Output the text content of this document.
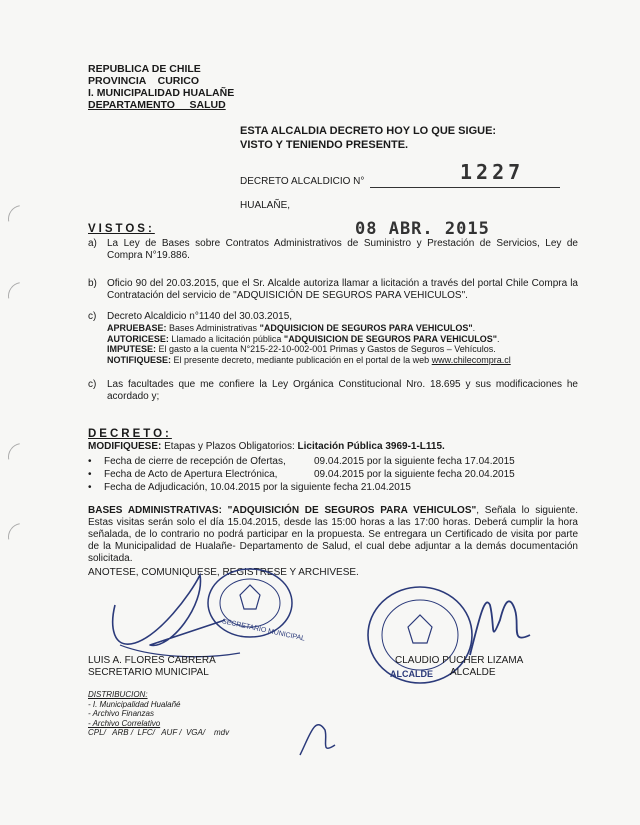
REPUBLICA DE CHILE
PROVINCIA    CURICO
I. MUNICIPALIDAD HUALAÑE
DEPARTAMENTO     SALUD
ESTA ALCALDIA DECRETO HOY LO QUE SIGUE:
VISTO Y TENIENDO PRESENTE.
DECRETO ALCALDICIO N°	1227
HUALAÑE,
08 ABR. 2015
VISTOS:
a) La Ley de Bases sobre Contratos Administrativos de Suministro y Prestación de Servicios, Ley de Compra N°19.886.
b) Oficio 90 del 20.03.2015, que el Sr. Alcalde autoriza llamar a licitación a través del portal Chile Compra la Contratación del servicio de "ADQUISICIÓN DE SEGUROS PARA VEHICULOS".
c) Decreto Alcaldicio n°1140 del 30.03.2015,
APRUEBASE: Bases Administrativas "ADQUISICION DE SEGUROS PARA VEHICULOS".
AUTORICESE: Llamado a licitación pública "ADQUISICION DE SEGUROS PARA VEHICULOS".
IMPUTESE: El gasto a la cuenta N°215-22-10-002-001 Primas y Gastos de Seguros – Vehículos.
NOTIFIQUESE: El presente decreto, mediante publicación en el portal de la web www.chilecompra.cl
c) Las facultades que me confiere la Ley Orgánica Constitucional Nro. 18.695 y sus modificaciones he acordado y;
DECRETO:
MODIFIQUESE: Etapas y Plazos Obligatorios: Licitación Pública 3969-1-L115.
• Fecha de cierre de recepción de Ofertas,	09.04.2015 por la siguiente fecha 17.04.2015
• Fecha de Acto de Apertura Electrónica,	09.04.2015 por la siguiente fecha 20.04.2015
• Fecha de Adjudicación, 10.04.2015 por la siguiente fecha 21.04.2015
BASES ADMINISTRATIVAS: "ADQUISICIÓN DE SEGUROS PARA VEHICULOS", Señala lo siguiente. Estas visitas serán solo el día 15.04.2015, desde las 15:00 horas a las 17:00 horas. Deberá cumplir la hora señalada, de lo contrario no podrá participar en la propuesta. Se entregara un Certificado de visita por parte de la Municipalidad de Hualañe- Departamento de Salud, el cual debe adjuntar a la demás documentación solicitada.
ANOTESE, COMUNIQUESE, REGISTRESE Y ARCHIVESE.
SECRETARIO MUNICIPAL
ALCALDE
LUIS A. FLORES CABRERA
SECRETARIO MUNICIPAL
CLAUDIO PUCHER LIZAMA
ALCALDE
DISTRIBUCION:
- I. Municipalidad Hualañé
- Archivo Finanzas
- Archivo Correlativo
CPL/   ARB /  LFC/   AUF /  VGA/    mdv
